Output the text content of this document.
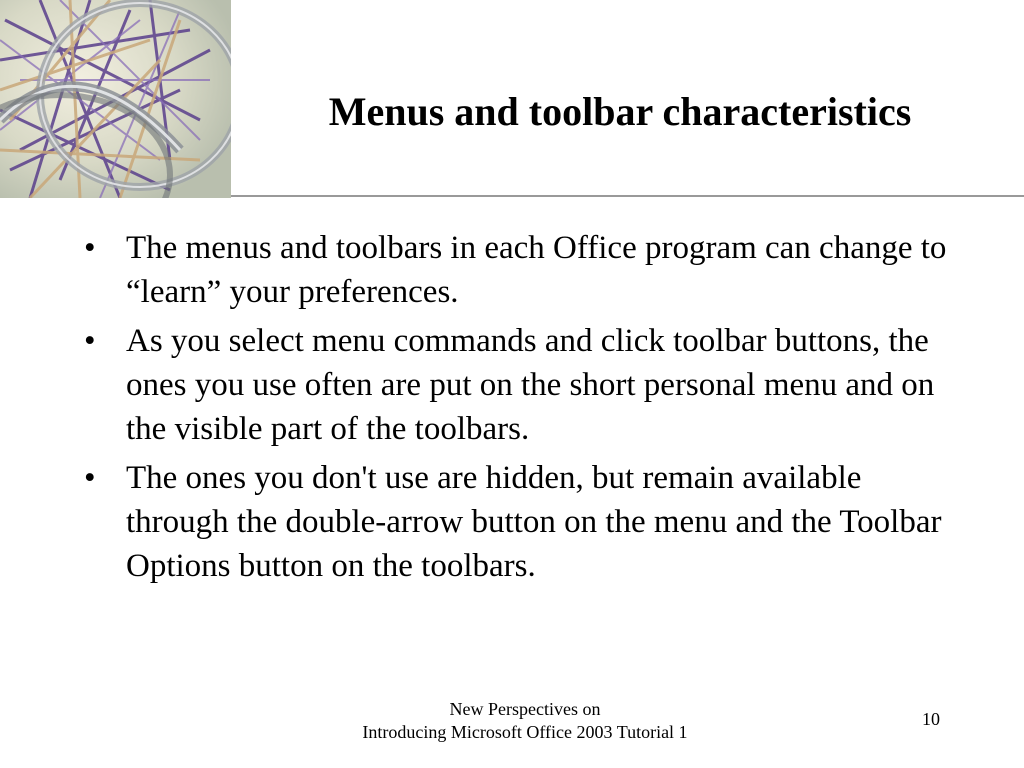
Menus and toolbar characteristics
• The menus and toolbars in each Office program can change to “learn” your preferences.
• As you select menu commands and click toolbar buttons, the ones you use often are put on the short personal menu and on the visible part of the toolbars.
• The ones you don't use are hidden, but remain available through the double-arrow button on the menu and the Toolbar Options button on the toolbars.
New Perspectives on
Introducing Microsoft Office 2003 Tutorial 1
10
